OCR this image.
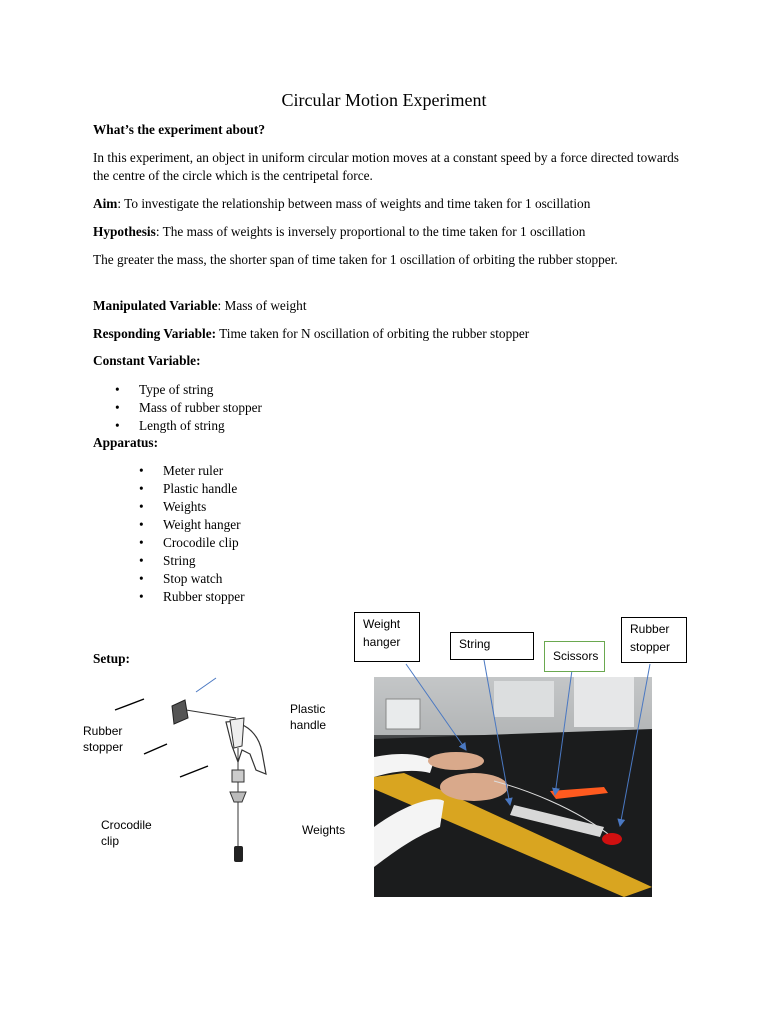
Circular Motion Experiment
What’s the experiment about?
In this experiment, an object in uniform circular motion moves at a constant speed by a force directed towards the centre of the circle which is the centripetal force.
Aim: To investigate the relationship between mass of weights and time taken for 1 oscillation
Hypothesis: The mass of weights is inversely proportional to the time taken for 1 oscillation
The greater the mass, the shorter span of time taken for 1 oscillation of orbiting the rubber stopper.
Manipulated Variable: Mass of weight
Responding Variable: Time taken for N oscillation of orbiting the rubber stopper
Constant Variable:
• Type of string
• Mass of rubber stopper
• Length of string
Apparatus:
• Meter ruler
• Plastic handle
• Weights
• Weight hanger
• Crocodile clip
• String
• Stop watch
• Rubber stopper
Setup:
Rubber
stopper
Plastic
handle
Crocodile
clip
Weights
Weight
hanger	String
Scissors
Rubber
stopper
